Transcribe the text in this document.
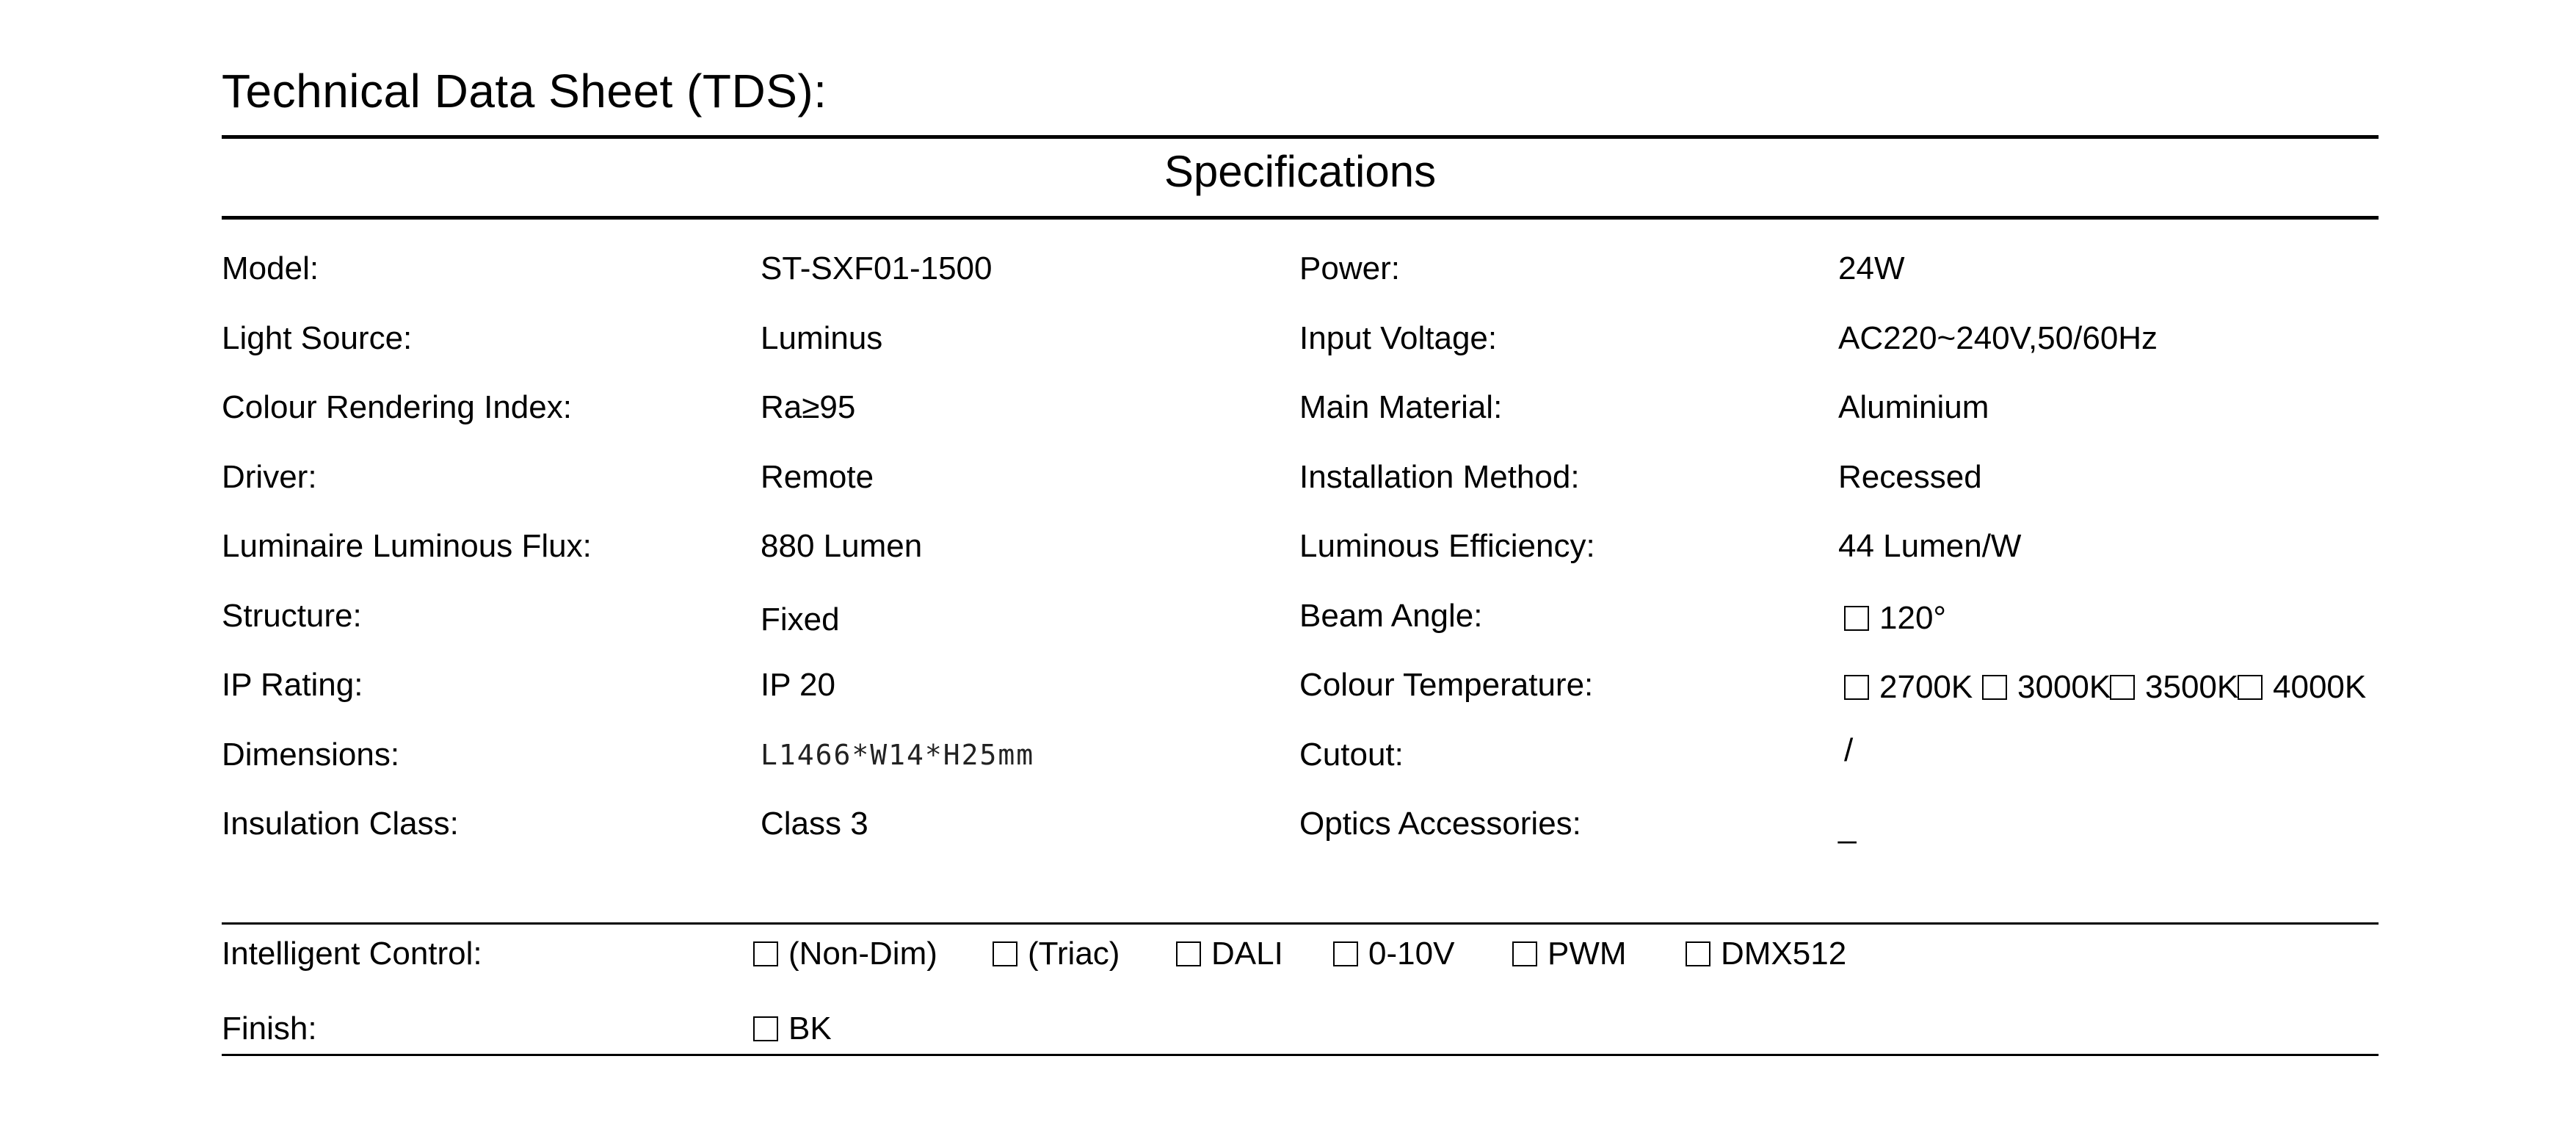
Technical Data Sheet (TDS):
Specifications
Model:	ST-SXF01-1500	Power:	24W
Light Source:	Luminus	Input Voltage:	AC220~240V,50/60Hz
Colour Rendering Index:	Ra≥95	Main Material:	Aluminium
Driver:	Remote	Installation Method:	Recessed
Luminaire Luminous Flux:	880 Lumen	Luminous Efficiency:	44 Lumen/W
Structure:	Fixed	Beam Angle:	120°
IP Rating:	IP 20	Colour Temperature:	2700K	3000K	3500K	4000K
Dimensions:	L1466*W14*H25mm	Cutout:	/
Insulation Class:	Class 3	Optics Accessories:	_
Intelligent Control:	(Non-Dim)	(Triac)	DALI	0-10V	PWM	DMX512
Finish:	BK
